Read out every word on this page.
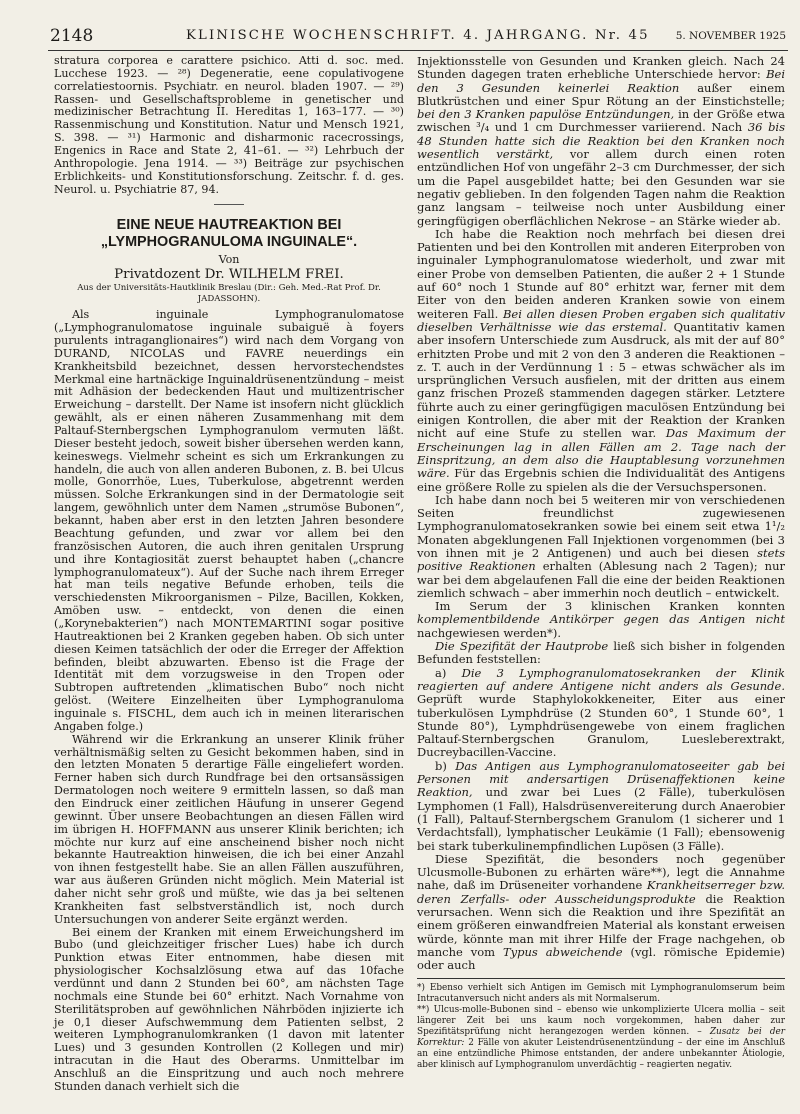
2148	KLINISCHE WOCHENSCHRIFT. 4. JAHRGANG. Nr. 45 5. NOVEMBER 1925

stratura corporea e carattere psichico. Atti d. soc. med. Lucchese 1923. — ²⁸) Degeneratie, eene copulativogene correlatiestoornis. Psychiatr. en neurol. bladen 1907. — ²⁹) Rassen- und Gesellschaftsprobleme in genetischer und medizinischer Betrachtung II. Hereditas 1, 163–177. — ³⁰) Rassenmischung und Konstitution. Natur und Mensch 1921, S. 398. — ³¹) Harmonic and disharmonic racecrossings, Engenics in Race and State 2, 41–61. — ³²) Lehrbuch der Anthropologie. Jena 1914. — ³³) Beiträge zur psychischen Erblichkeits- und Konstitutionsforschung. Zeitschr. f. d. ges. Neurol. u. Psychiatrie 87, 94.

EINE NEUE HAUTREAKTION BEI „LYMPHOGRANULOMA INGUINALE“.
Von
Privatdozent Dr. WILHELM FREI.
Aus der Universitäts-Hautklinik Breslau (Dir.: Geh. Med.-Rat Prof. Dr. JADASSOHN).

Als inguinale Lymphogranulomatose („Lymphogranulomatose inguinale subaiguë à foyers purulents intraganglionaires“) wird nach dem Vorgang von DURAND, NICOLAS und FAVRE neuerdings ein Krankheitsbild bezeichnet, dessen hervorstechendstes Merkmal eine hartnäckige Inguinaldrüsenentzündung – meist mit Adhäsion der bedeckenden Haut und multizentrischer Erweichung – darstellt. Der Name ist insofern nicht glücklich gewählt, als er einen näheren Zusammenhang mit dem Paltauf-Sternbergschen Lymphogranulom vermuten läßt. Dieser besteht jedoch, soweit bisher übersehen werden kann, keineswegs. Vielmehr scheint es sich um Erkrankungen zu handeln, die auch von allen anderen Bubonen, z. B. bei Ulcus molle, Gonorrhöe, Lues, Tuberkulose, abgetrennt werden müssen. Solche Erkrankungen sind in der Dermatologie seit langem, gewöhnlich unter dem Namen „strumöse Bubonen“, bekannt, haben aber erst in den letzten Jahren besondere Beachtung gefunden, und zwar vor allem bei den französischen Autoren, die auch ihren genitalen Ursprung und ihre Kontagiosität zuerst behauptet haben („chancre lymphogranulomateux“). Auf der Suche nach ihrem Erreger hat man teils negative Befunde erhoben, teils die verschiedensten Mikroorganismen – Pilze, Bacillen, Kokken, Amöben usw. – entdeckt, von denen die einen („Korynebakterien“) nach MONTEMARTINI sogar positive Hautreaktionen bei 2 Kranken gegeben haben. Ob sich unter diesen Keimen tatsächlich der oder die Erreger der Affektion befinden, bleibt abzuwarten. Ebenso ist die Frage der Identität mit dem vorzugsweise in den Tropen oder Subtropen auftretenden „klimatischen Bubo“ noch nicht gelöst. (Weitere Einzelheiten über Lymphogranuloma inguinale s. FISCHL, dem auch ich in meinen literarischen Angaben folge.)

Während wir die Erkrankung an unserer Klinik früher verhältnismäßig selten zu Gesicht bekommen haben, sind in den letzten Monaten 5 derartige Fälle eingeliefert worden. Ferner haben sich durch Rundfrage bei den ortsansässigen Dermatologen noch weitere 9 ermitteln lassen, so daß man den Eindruck einer zeitlichen Häufung in unserer Gegend gewinnt. Über unsere Beobachtungen an diesen Fällen wird im übrigen H. HOFFMANN aus unserer Klinik berichten; ich möchte nur kurz auf eine anscheinend bisher noch nicht bekannte Hautreaktion hinweisen, die ich bei einer Anzahl von ihnen festgestellt habe. Sie an allen Fällen auszuführen, war aus äußeren Gründen nicht möglich. Mein Material ist daher nicht sehr groß und müßte, wie das ja bei seltenen Krankheiten fast selbstverständlich ist, noch durch Untersuchungen von anderer Seite ergänzt werden.

Bei einem der Kranken mit einem Erweichungsherd im Bubo (und gleichzeitiger frischer Lues) habe ich durch Punktion etwas Eiter entnommen, habe diesen mit physiologischer Kochsalzlösung etwa auf das 10fache verdünnt und dann 2 Stunden bei 60°, am nächsten Tage nochmals eine Stunde bei 60° erhitzt. Nach Vornahme von Sterilitätsproben auf gewöhnlichen Nährböden injizierte ich je 0,1 dieser Aufschwemmung dem Patienten selbst, 2 weiteren Lymphogranulomkranken (1 davon mit latenter Lues) und 3 gesunden Kontrollen (2 Kollegen und mir) intracutan in die Haut des Oberarms. Unmittelbar im Anschluß an die Einspritzung und auch noch mehrere Stunden danach verhielt sich die

Injektionsstelle von Gesunden und Kranken gleich. Nach 24 Stunden dagegen traten erhebliche Unterschiede hervor: Bei den 3 Gesunden keinerlei Reaktion außer einem Blutkrüstchen und einer Spur Rötung an der Einstichstelle; bei den 3 Kranken papulöse Entzündungen, in der Größe etwa zwischen ³/₄ und 1 cm Durchmesser variierend. Nach 36 bis 48 Stunden hatte sich die Reaktion bei den Kranken noch wesentlich verstärkt, vor allem durch einen roten entzündlichen Hof von ungefähr 2–3 cm Durchmesser, der sich um die Papel ausgebildet hatte; bei den Gesunden war sie negativ geblieben. In den folgenden Tagen nahm die Reaktion ganz langsam – teilweise noch unter Ausbildung einer geringfügigen oberflächlichen Nekrose – an Stärke wieder ab.

Ich habe die Reaktion noch mehrfach bei diesen drei Patienten und bei den Kontrollen mit anderen Eiterproben von inguinaler Lymphogranulomatose wiederholt, und zwar mit einer Probe von demselben Patienten, die außer 2 + 1 Stunde auf 60° noch 1 Stunde auf 80° erhitzt war, ferner mit dem Eiter von den beiden anderen Kranken sowie von einem weiteren Fall. Bei allen diesen Proben ergaben sich qualitativ dieselben Verhältnisse wie das erstemal. Quantitativ kamen aber insofern Unterschiede zum Ausdruck, als mit der auf 80° erhitzten Probe und mit 2 von den 3 anderen die Reaktionen – z. T. auch in der Verdünnung 1 : 5 – etwas schwächer als im ursprünglichen Versuch ausfielen, mit der dritten aus einem ganz frischen Prozeß stammenden dagegen stärker. Letztere führte auch zu einer geringfügigen maculösen Entzündung bei einigen Kontrollen, die aber mit der Reaktion der Kranken nicht auf eine Stufe zu stellen war. Das Maximum der Erscheinungen lag in allen Fällen am 2. Tage nach der Einspritzung, an dem also die Hauptablesung vorzunehmen wäre. Für das Ergebnis schien die Individualität des Antigens eine größere Rolle zu spielen als die der Versuchspersonen.

Ich habe dann noch bei 5 weiteren mir von verschiedenen Seiten freundlichst zugewiesenen Lymphogranulomatosekranken sowie bei einem seit etwa 1¹/₂ Monaten abgeklungenen Fall Injektionen vorgenommen (bei 3 von ihnen mit je 2 Antigenen) und auch bei diesen stets positive Reaktionen erhalten (Ablesung nach 2 Tagen); nur war bei dem abgelaufenen Fall die eine der beiden Reaktionen ziemlich schwach – aber immerhin noch deutlich – entwickelt.

Im Serum der 3 klinischen Kranken konnten komplementbildende Antikörper gegen das Antigen nicht nachgewiesen werden*).

Die Spezifität der Hautprobe ließ sich bisher in folgenden Befunden feststellen:

a) Die 3 Lymphogranulomatosekranken der Klinik reagierten auf andere Antigene nicht anders als Gesunde. Geprüft wurde Staphylokokkeneiter, Eiter aus einer tuberkulösen Lymphdrüse (2 Stunden 60°, 1 Stunde 60°, 1 Stunde 80°), Lymphdrüsengewebe von einem fraglichen Paltauf-Sternbergschen Granulom, Luesleberextrakt, Ducreybacillen-Vaccine.

b) Das Antigen aus Lymphogranulomatoseeiter gab bei Personen mit andersartigen Drüsenaffektionen keine Reaktion, und zwar bei Lues (2 Fälle), tuberkulösen Lymphomen (1 Fall), Halsdrüsenvereiterung durch Anaerobier (1 Fall), Paltauf-Sternbergschem Granulom (1 sicherer und 1 Verdachtsfall), lymphatischer Leukämie (1 Fall); ebensowenig bei stark tuberkulinempfindlichen Lupösen (3 Fälle).

Diese Spezifität, die besonders noch gegenüber Ulcusmolle-Bubonen zu erhärten wäre**), legt die Annahme nahe, daß im Drüseneiter vorhandene Krankheitserreger bzw. deren Zerfalls- oder Ausscheidungsprodukte die Reaktion verursachen. Wenn sich die Reaktion und ihre Spezifität an einem größeren einwandfreien Material als konstant erweisen würde, könnte man mit ihrer Hilfe der Frage nachgehen, ob manche vom Typus abweichende (vgl. römische Epidemie) oder auch

*) Ebenso verhielt sich Antigen im Gemisch mit Lymphogranulomserum beim Intracutanversuch nicht anders als mit Normalserum.

**) Ulcus-molle-Bubonen sind – ebenso wie unkomplizierte Ulcera mollia – seit längerer Zeit bei uns kaum noch vorgekommen, haben daher zur Spezifitätsprüfung nicht herangezogen werden können. – Zusatz bei der Korrektur: 2 Fälle von akuter Leistendrüsenentzündung – der eine im Anschluß an eine entzündliche Phimose entstanden, der andere unbekannter Ätiologie, aber klinisch auf Lymphogranulom unverdächtig – reagierten negativ.
